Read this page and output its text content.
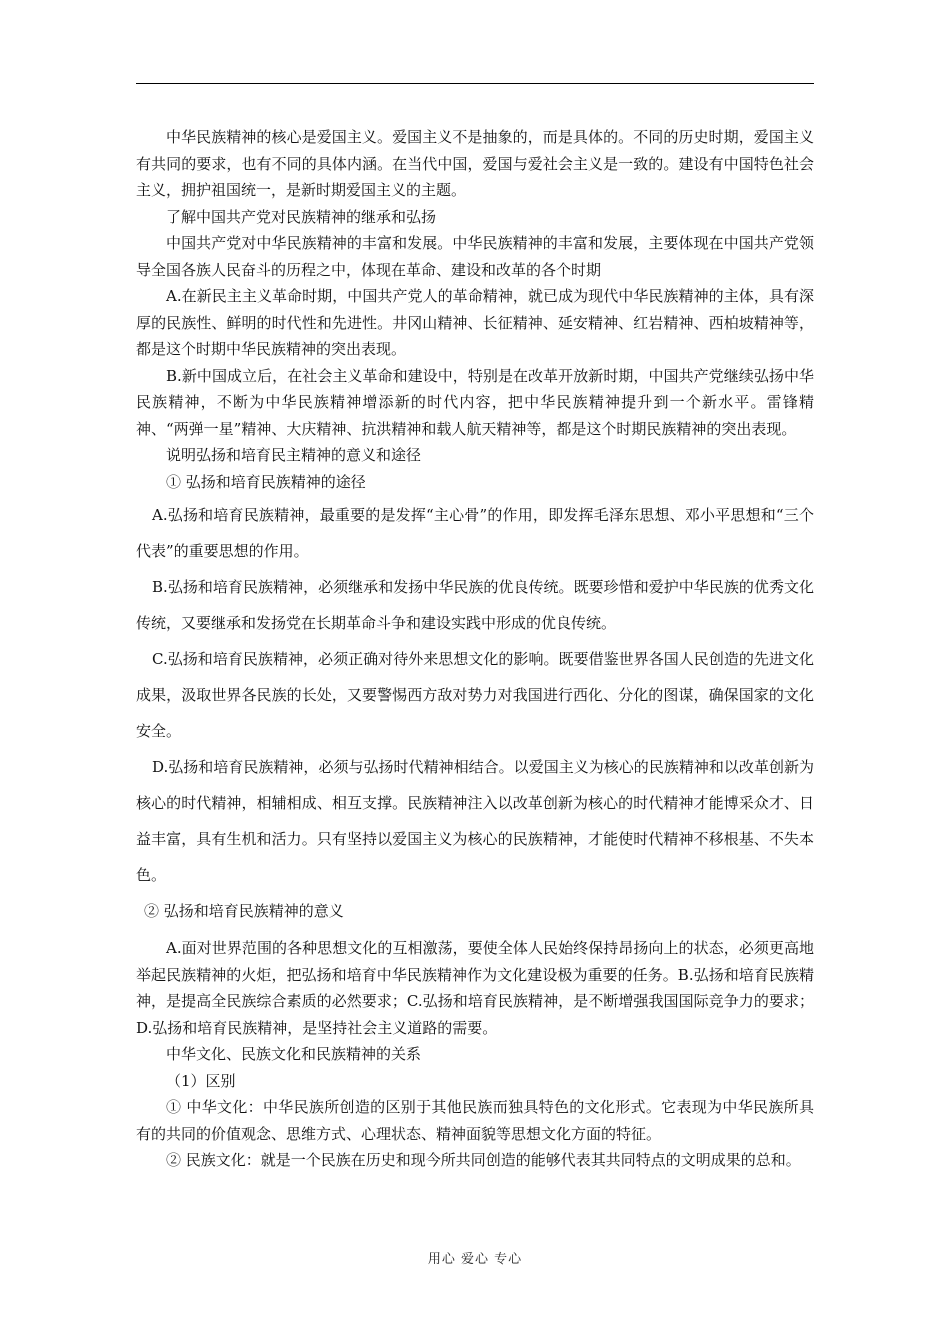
中华民族精神的核心是爱国主义。爱国主义不是抽象的，而是具体的。不同的历史时期，爱国主义有共同的要求，也有不同的具体内涵。在当代中国，爱国与爱社会主义是一致的。建设有中国特色社会主义，拥护祖国统一，是新时期爱国主义的主题。

了解中国共产党对民族精神的继承和弘扬

中国共产党对中华民族精神的丰富和发展。中华民族精神的丰富和发展，主要体现在中国共产党领导全国各族人民奋斗的历程之中，体现在革命、建设和改革的各个时期

A.在新民主主义革命时期，中国共产党人的革命精神，就已成为现代中华民族精神的主体，具有深厚的民族性、鲜明的时代性和先进性。井冈山精神、长征精神、延安精神、红岩精神、西柏坡精神等，都是这个时期中华民族精神的突出表现。

B.新中国成立后，在社会主义革命和建设中，特别是在改革开放新时期，中国共产党继续弘扬中华民族精神，不断为中华民族精神增添新的时代内容，把中华民族精神提升到一个新水平。雷锋精神、“两弹一星”精神、大庆精神、抗洪精神和载人航天精神等，都是这个时期民族精神的突出表现。

说明弘扬和培育民主精神的意义和途径

① 弘扬和培育民族精神的途径

A.弘扬和培育民族精神，最重要的是发挥“主心骨”的作用，即发挥毛泽东思想、邓小平思想和“三个代表”的重要思想的作用。

B.弘扬和培育民族精神，必须继承和发扬中华民族的优良传统。既要珍惜和爱护中华民族的优秀文化传统，又要继承和发扬党在长期革命斗争和建设实践中形成的优良传统。

C.弘扬和培育民族精神，必须正确对待外来思想文化的影响。既要借鉴世界各国人民创造的先进文化成果，汲取世界各民族的长处，又要警惕西方敌对势力对我国进行西化、分化的图谋，确保国家的文化安全。

D.弘扬和培育民族精神，必须与弘扬时代精神相结合。以爱国主义为核心的民族精神和以改革创新为核心的时代精神，相辅相成、相互支撑。民族精神注入以改革创新为核心的时代精神才能博采众才、日益丰富，具有生机和活力。只有坚持以爱国主义为核心的民族精神，才能使时代精神不移根基、不失本色。

② 弘扬和培育民族精神的意义

A.面对世界范围的各种思想文化的互相激荡，要使全体人民始终保持昂扬向上的状态，必须更高地举起民族精神的火炬，把弘扬和培育中华民族精神作为文化建设极为重要的任务。B.弘扬和培育民族精神，是提高全民族综合素质的必然要求；C.弘扬和培育民族精神，是不断增强我国国际竞争力的要求；D.弘扬和培育民族精神，是坚持社会主义道路的需要。

中华文化、民族文化和民族精神的关系

（1）区别

① 中华文化：中华民族所创造的区别于其他民族而独具特色的文化形式。它表现为中华民族所具有的共同的价值观念、思维方式、心理状态、精神面貌等思想文化方面的特征。

② 民族文化：就是一个民族在历史和现今所共同创造的能够代表其共同特点的文明成果的总和。

用心 爱心 专心
